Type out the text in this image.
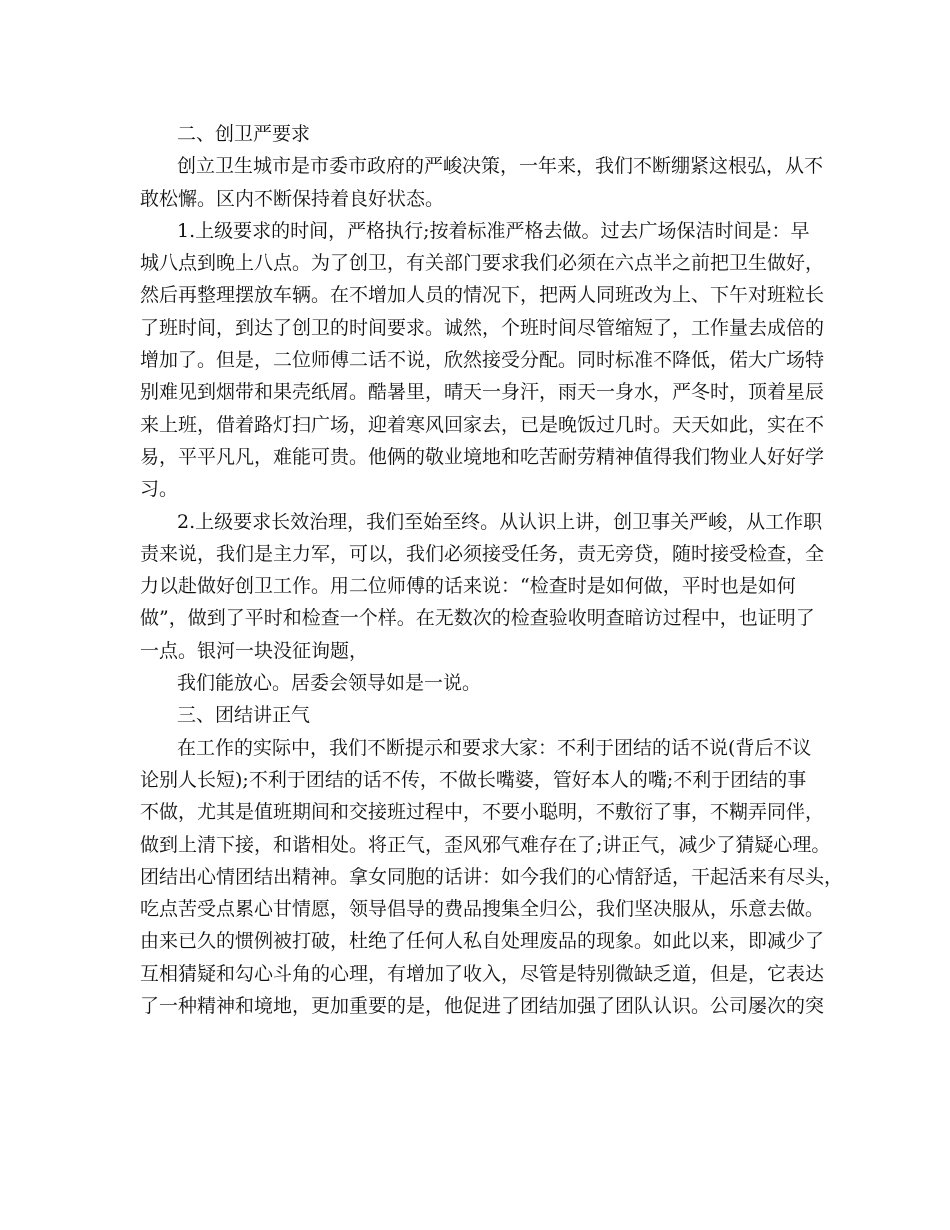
二、创卫严要求
创立卫生城市是市委市政府的严峻决策，一年来，我们不断绷紧这根弘，从不
敢松懈。区内不断保持着良好状态。
1.上级要求的时间，严格执行;按着标准严格去做。过去广场保洁时间是：早
城八点到晚上八点。为了创卫，有关部门要求我们必须在六点半之前把卫生做好，
然后再整理摆放车辆。在不增加人员的情况下，把两人同班改为上、下午对班粒长
了班时间，到达了创卫的时间要求。诚然，个班时间尽管缩短了，工作量去成倍的
增加了。但是，二位师傅二话不说，欣然接受分配。同时标准不降低，偌大广场特
别难见到烟带和果壳纸屑。酷暑里，晴天一身汗，雨天一身水，严冬时，顶着星辰
来上班，借着路灯扫广场，迎着寒风回家去，已是晚饭过几时。天天如此，实在不
易，平平凡凡，难能可贵。他俩的敬业境地和吃苦耐劳精神值得我们物业人好好学
习。
2.上级要求长效治理，我们至始至终。从认识上讲，创卫事关严峻，从工作职
责来说，我们是主力军，可以，我们必须接受任务，责无旁贷，随时接受检查，全
力以赴做好创卫工作。用二位师傅的话来说：“检查时是如何做，平时也是如何
做”，做到了平时和检查一个样。在无数次的检查验收明查暗访过程中，也证明了
一点。银河一块没征询题，
我们能放心。居委会领导如是一说。
三、团结讲正气
在工作的实际中，我们不断提示和要求大家：不利于团结的话不说(背后不议
论别人长短);不利于团结的话不传，不做长嘴婆，管好本人的嘴;不利于团结的事
不做，尤其是值班期间和交接班过程中，不要小聪明，不敷衍了事，不糊弄同伴，
做到上清下接，和谐相处。将正气，歪风邪气难存在了;讲正气，减少了猜疑心理。
团结出心情团结出精神。拿女同胞的话讲：如今我们的心情舒适，干起活来有尽头，
吃点苦受点累心甘情愿，领导倡导的费品搜集全归公，我们坚决服从，乐意去做。
由来已久的惯例被打破，杜绝了任何人私自处理废品的现象。如此以来，即减少了
互相猜疑和勾心斗角的心理，有增加了收入，尽管是特别微缺乏道，但是，它表达
了一种精神和境地，更加重要的是，他促进了团结加强了团队认识。公司屡次的突
